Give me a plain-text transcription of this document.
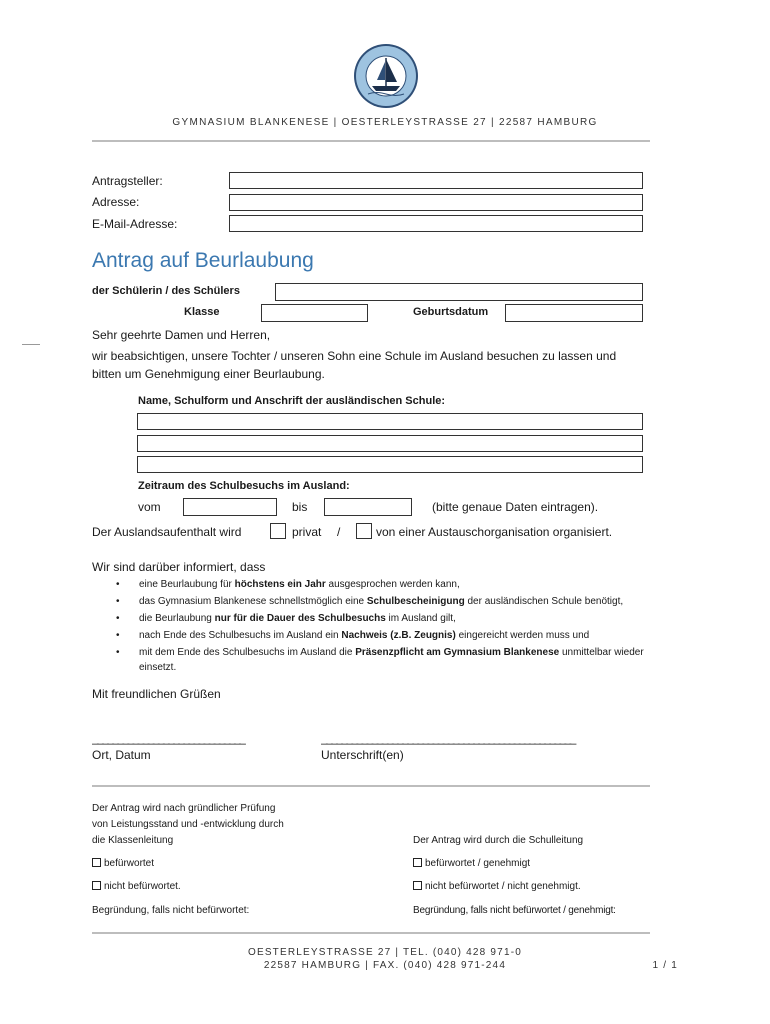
GYMNASIUM BLANKENESE | OESTERLEYSTRASSE 27 | 22587 HAMBURG
Antragsteller:
Adresse:
E-Mail-Adresse:
Antrag auf Beurlaubung
der Schülerin / des Schülers
Klasse	Geburtsdatum
Sehr geehrte Damen und Herren,
wir beabsichtigen, unsere Tochter / unseren Sohn eine Schule im Ausland besuchen zu lassen und
bitten um Genehmigung einer Beurlaubung.
Name, Schulform und Anschrift der ausländischen Schule:
Zeitraum des Schulbesuchs im Ausland:
vom	bis	(bitte genaue Daten eintragen).
Der Auslandsaufenthalt wird	privat /	von einer Austauschorganisation organisiert.
Wir sind darüber informiert, dass
• eine Beurlaubung für höchstens ein Jahr ausgesprochen werden kann,
• das Gymnasium Blankenese schnellstmöglich eine Schulbescheinigung der ausländischen Schule benötigt,
• die Beurlaubung nur für die Dauer des Schulbesuchs im Ausland gilt,
• nach Ende des Schulbesuchs im Ausland ein Nachweis (z.B. Zeugnis) eingereicht werden muss und
• mit dem Ende des Schulbesuchs im Ausland die Präsenzpflicht am Gymnasium Blankenese unmittelbar wieder einsetzt.
Mit freundlichen Grüßen
______________________________	__________________________________________________
Ort, Datum	Unterschrift(en)
Der Antrag wird nach gründlicher Prüfung
von Leistungsstand und -entwicklung durch
die Klassenleitung	Der Antrag wird durch die Schulleitung
befürwortet	befürwortet / genehmigt
nicht befürwortet.	nicht befürwortet / nicht genehmigt.
Begründung, falls nicht befürwortet:	Begründung, falls nicht befürwortet / genehmigt:
OESTERLEYSTRASSE 27 | TEL. (040) 428 971-0
22587 HAMBURG | FAX. (040) 428 971-244	1 / 1
